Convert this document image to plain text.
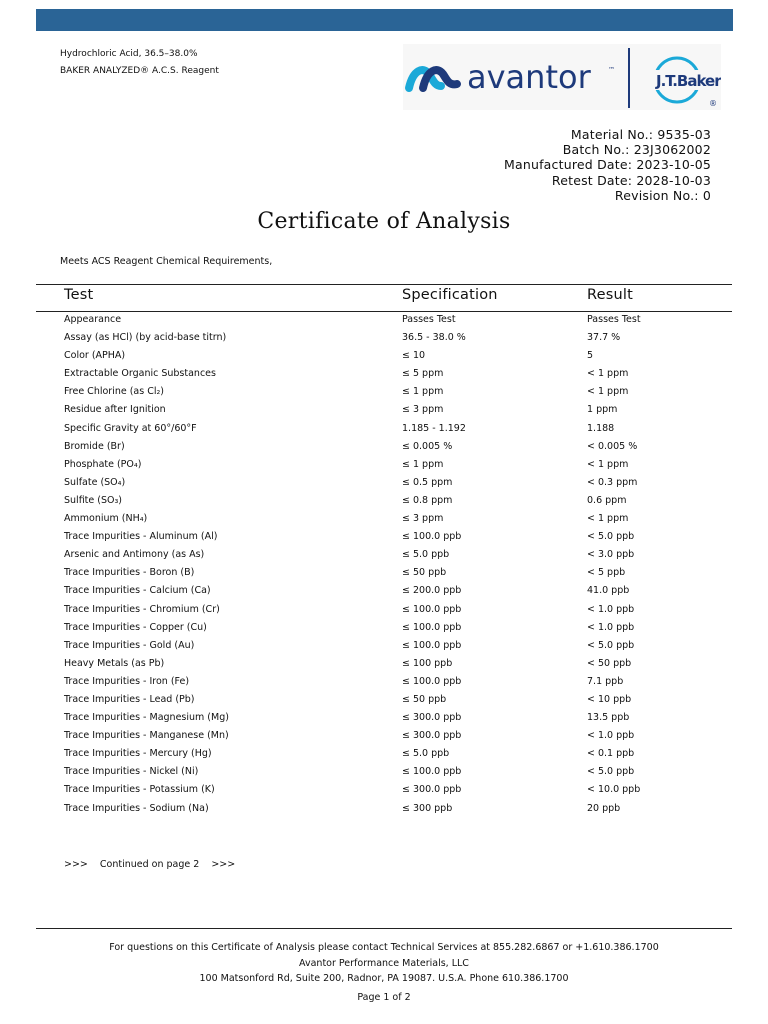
Hydrochloric Acid, 36.5–38.0%
BAKER ANALYZED® A.C.S. Reagent	avantor ™
J.T.Baker
®
Material No.: 9535-03
Batch No.: 23J3062002
Manufactured Date: 2023-10-05
Retest Date: 2028-10-03
Revision No.: 0
Certificate of Analysis
Meets ACS Reagent Chemical Requirements,
Test	Specification	Result
Appearance	Passes Test	Passes Test
Assay (as HCl) (by acid-base titrn)	36.5 - 38.0 %	37.7 %
Color (APHA)	≤ 10	5
Extractable Organic Substances	≤ 5 ppm	< 1 ppm
Free Chlorine (as Cl₂)	≤ 1 ppm	< 1 ppm
Residue after Ignition	≤ 3 ppm	1 ppm
Specific Gravity at 60°/60°F	1.185 - 1.192	1.188
Bromide (Br)	≤ 0.005 %	< 0.005 %
Phosphate (PO₄)	≤ 1 ppm	< 1 ppm
Sulfate (SO₄)	≤ 0.5 ppm	< 0.3 ppm
Sulfite (SO₃)	≤ 0.8 ppm	0.6 ppm
Ammonium (NH₄)	≤ 3 ppm	< 1 ppm
Trace Impurities - Aluminum (Al)	≤ 100.0 ppb	< 5.0 ppb
Arsenic and Antimony (as As)	≤ 5.0 ppb	< 3.0 ppb
Trace Impurities - Boron (B)	≤ 50 ppb	< 5 ppb
Trace Impurities - Calcium (Ca)	≤ 200.0 ppb	41.0 ppb
Trace Impurities - Chromium (Cr)	≤ 100.0 ppb	< 1.0 ppb
Trace Impurities - Copper (Cu)	≤ 100.0 ppb	< 1.0 ppb
Trace Impurities - Gold (Au)	≤ 100.0 ppb	< 5.0 ppb
Heavy Metals (as Pb)	≤ 100 ppb	< 50 ppb
Trace Impurities - Iron (Fe)	≤ 100.0 ppb	7.1 ppb
Trace Impurities - Lead (Pb)	≤ 50 ppb	< 10 ppb
Trace Impurities - Magnesium (Mg)	≤ 300.0 ppb	13.5 ppb
Trace Impurities - Manganese (Mn)	≤ 300.0 ppb	< 1.0 ppb
Trace Impurities - Mercury (Hg)	≤ 5.0 ppb	< 0.1 ppb
Trace Impurities - Nickel (Ni)	≤ 100.0 ppb	< 5.0 ppb
Trace Impurities - Potassium (K)	≤ 300.0 ppb	< 10.0 ppb
Trace Impurities - Sodium (Na)	≤ 300 ppb	20 ppb
>>> Continued on page 2 >>>
For questions on this Certificate of Analysis please contact Technical Services at 855.282.6867 or +1.610.386.1700
Avantor Performance Materials, LLC
100 Matsonford Rd, Suite 200, Radnor, PA 19087. U.S.A. Phone 610.386.1700
Page 1 of 2
